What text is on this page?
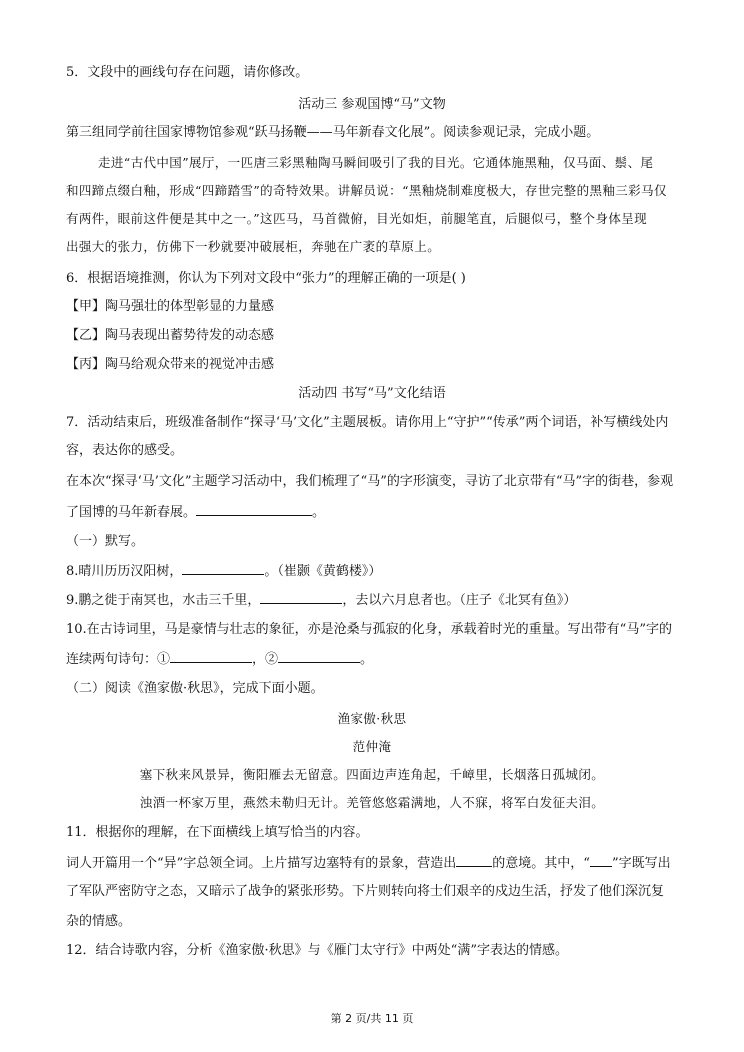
5．文段中的画线句存在问题，请你修改。
活动三 参观国博“马”文物
第三组同学前往国家博物馆参观“跃马扬鞭——马年新春文化展”。阅读参观记录，完成小题。
走进“古代中国”展厅，一匹唐三彩黑釉陶马瞬间吸引了我的目光。它通体施黑釉，仅马面、鬃、尾
和四蹄点缀白釉，形成“四蹄踏雪”的奇特效果。讲解员说：“黑釉烧制难度极大，存世完整的黑釉三彩马仅
有两件，眼前这件便是其中之一。”这匹马，马首微俯，目光如炬，前腿笔直，后腿似弓，整个身体呈现
出强大的张力，仿佛下一秒就要冲破展柜，奔驰在广袤的草原上。
6．根据语境推测，你认为下列对文段中“张力”的理解正确的一项是( )
【甲】陶马强壮的体型彰显的力量感
【乙】陶马表现出蓄势待发的动态感
【丙】陶马给观众带来的视觉冲击感
活动四 书写“马”文化结语
7．活动结束后，班级准备制作“探寻‘马’文化”主题展板。请你用上“守护”“传承”两个词语，补写横线处内
容，表达你的感受。
在本次“探寻‘马’文化”主题学习活动中，我们梳理了“马”的字形演变，寻访了北京带有“马”字的街巷，参观
了国博的马年新春展。	。
（一）默写。
8.晴川历历汉阳树，	。（崔颢《黄鹤楼》）
9.鹏之徙于南冥也，水击三千里，	，去以六月息者也。（庄子《北冥有鱼》）
10.在古诗词里，马是豪情与壮志的象征，亦是沧桑与孤寂的化身，承载着时光的重量。写出带有“马”字的
连续两句诗句：①	，②	。
（二）阅读《渔家傲·秋思》，完成下面小题。
渔家傲·秋思
范仲淹
塞下秋来风景异，衡阳雁去无留意。四面边声连角起，千嶂里，长烟落日孤城闭。
浊酒一杯家万里，燕然未勒归无计。羌管悠悠霜满地，人不寐，将军白发征夫泪。
11．根据你的理解，在下面横线上填写恰当的内容。
词人开篇用一个“异”字总领全词。上片描写边塞特有的景象，营造出	的意境。其中，“ ”字既写出
了军队严密防守之态，又暗示了战争的紧张形势。下片则转向将士们艰辛的戍边生活，抒发了他们深沉复
杂的情感。
12．结合诗歌内容，分析《渔家傲·秋思》与《雁门太守行》中两处“满”字表达的情感。
第 2 页/共 11 页
